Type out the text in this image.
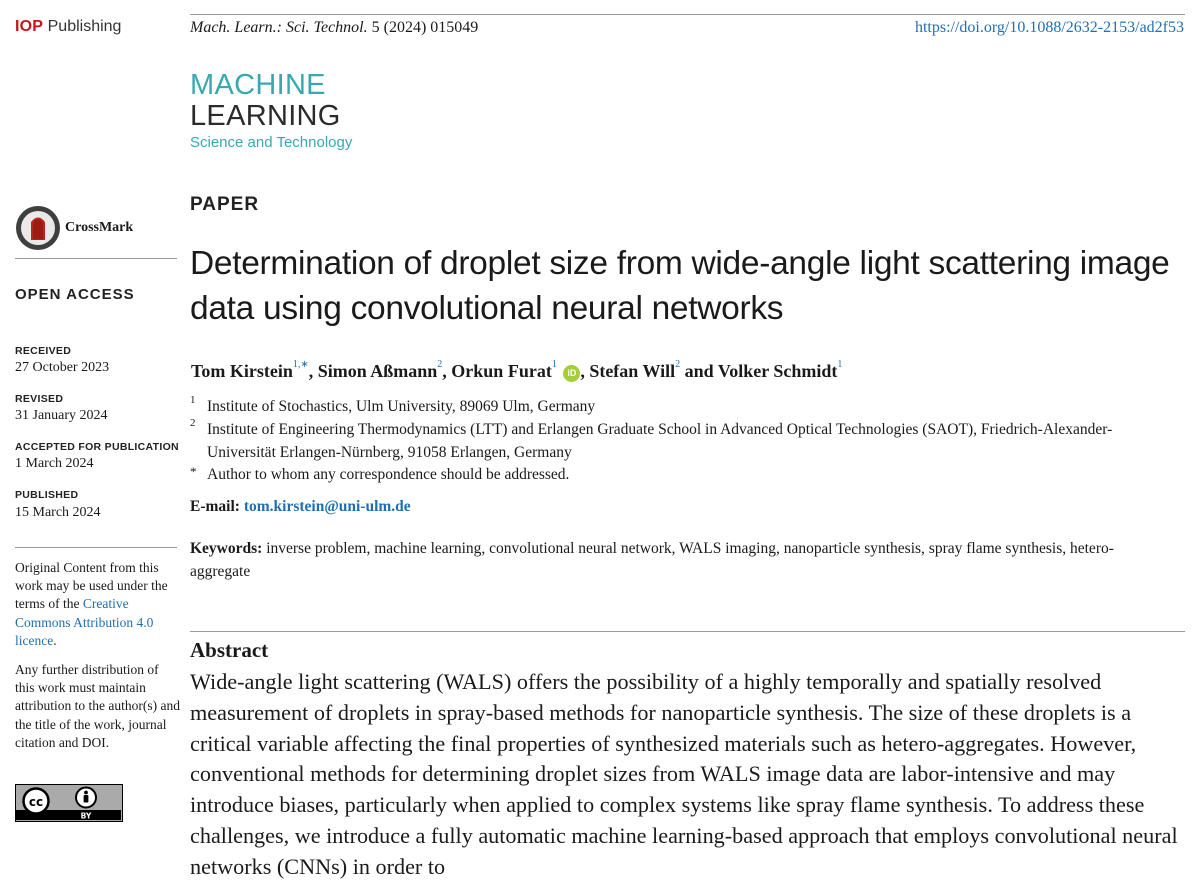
IOP Publishing	Mach. Learn.: Sci. Technol. 5 (2024) 015049	https://doi.org/10.1088/2632-2153/ad2f53
MACHINE
LEARNING
Science and Technology
CrossMark
OPEN ACCESS
RECEIVED
27 October 2023
REVISED
31 January 2024
ACCEPTED FOR PUBLICATION
1 March 2024
PUBLISHED
15 March 2024
Original Content from this work may be used under the terms of the Creative Commons Attribution 4.0 licence.
Any further distribution of this work must maintain attribution to the author(s) and the title of the work, journal citation and DOI.
cc
BY
PAPER
Determination of droplet size from wide-angle light scattering image data using convolutional neural networks
Tom Kirstein$^{1,∗}$, Simon Aßmann$^2$, Orkun Furat$^1$ iD , Stefan Will$^2$ and Volker Schmidt$^1$
1 Institute of Stochastics, Ulm University, 89069 Ulm, Germany
2 Institute of Engineering Thermodynamics (LTT) and Erlangen Graduate School in Advanced Optical Technologies (SAOT), Friedrich-Alexander-Universität Erlangen-Nürnberg, 91058 Erlangen, Germany
* Author to whom any correspondence should be addressed.
E-mail: tom.kirstein@uni-ulm.de
Keywords: inverse problem, machine learning, convolutional neural network, WALS imaging, nanoparticle synthesis, spray flame synthesis, hetero-aggregate
Abstract
Wide-angle light scattering (WALS) offers the possibility of a highly temporally and spatially resolved measurement of droplets in spray-based methods for nanoparticle synthesis. The size of these droplets is a critical variable affecting the final properties of synthesized materials such as hetero-aggregates. However, conventional methods for determining droplet sizes from WALS image data are labor-intensive and may introduce biases, particularly when applied to complex systems like spray flame synthesis. To address these challenges, we introduce a fully automatic machine learning-based approach that employs convolutional neural networks (CNNs) in order to
